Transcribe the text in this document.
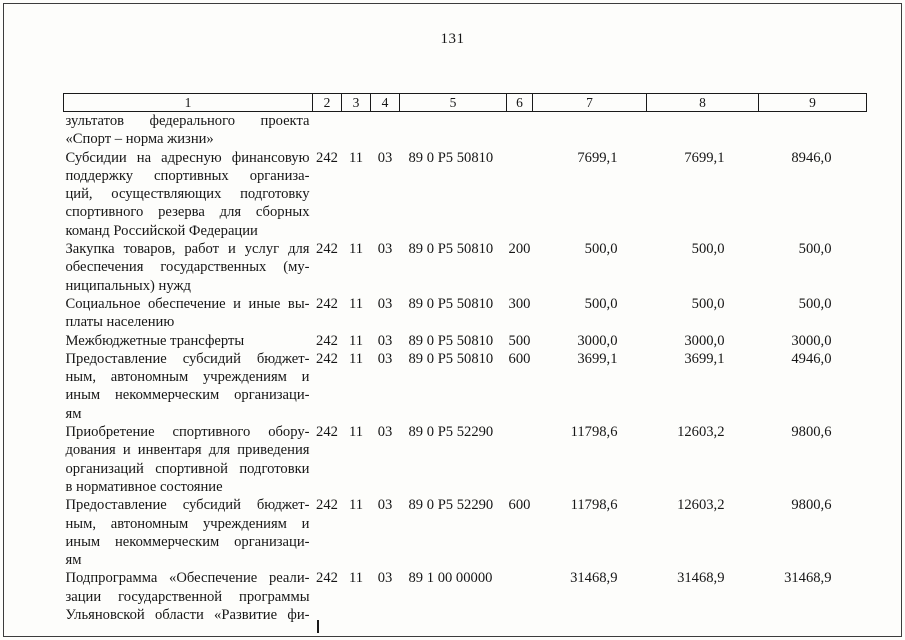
131
1	2	3	4	5	6	7	8	9

зультатов федерального проекта
«Спорт – норма жизни»								

Субсидии на адресную финансовую
поддержку спортивных организа-
ций, осуществляющих подготовку
спортивного резерва для сборных
команд Российской Федерации	242	11	03	89 0 Р5 50810		7699,1	7699,1	8946,0

Закупка товаров, работ и услуг для
обеспечения государственных (му-
ниципальных) нужд	242	11	03	89 0 Р5 50810	200	500,0	500,0	500,0

Социальное обеспечение и иные вы-
платы населению	242	11	03	89 0 Р5 50810	300	500,0	500,0	500,0

Межбюджетные трансферты	242	11	03	89 0 Р5 50810	500	3000,0	3000,0	3000,0

Предоставление субсидий бюджет-
ным, автономным учреждениям и
иным некоммерческим организаци-
ям	242	11	03	89 0 Р5 50810	600	3699,1	3699,1	4946,0

Приобретение спортивного обору-
дования и инвентаря для приведения
организаций спортивной подготовки
в нормативное состояние	242	11	03	89 0 Р5 52290		11798,6	12603,2	9800,6

Предоставление субсидий бюджет-
ным, автономным учреждениям и
иным некоммерческим организаци-
ям	242	11	03	89 0 Р5 52290	600	11798,6	12603,2	9800,6

Подпрограмма «Обеспечение реали-
зации государственной программы
Ульяновской области «Развитие фи-	242	11	03	89 1 00 00000		31468,9	31468,9	31468,9
